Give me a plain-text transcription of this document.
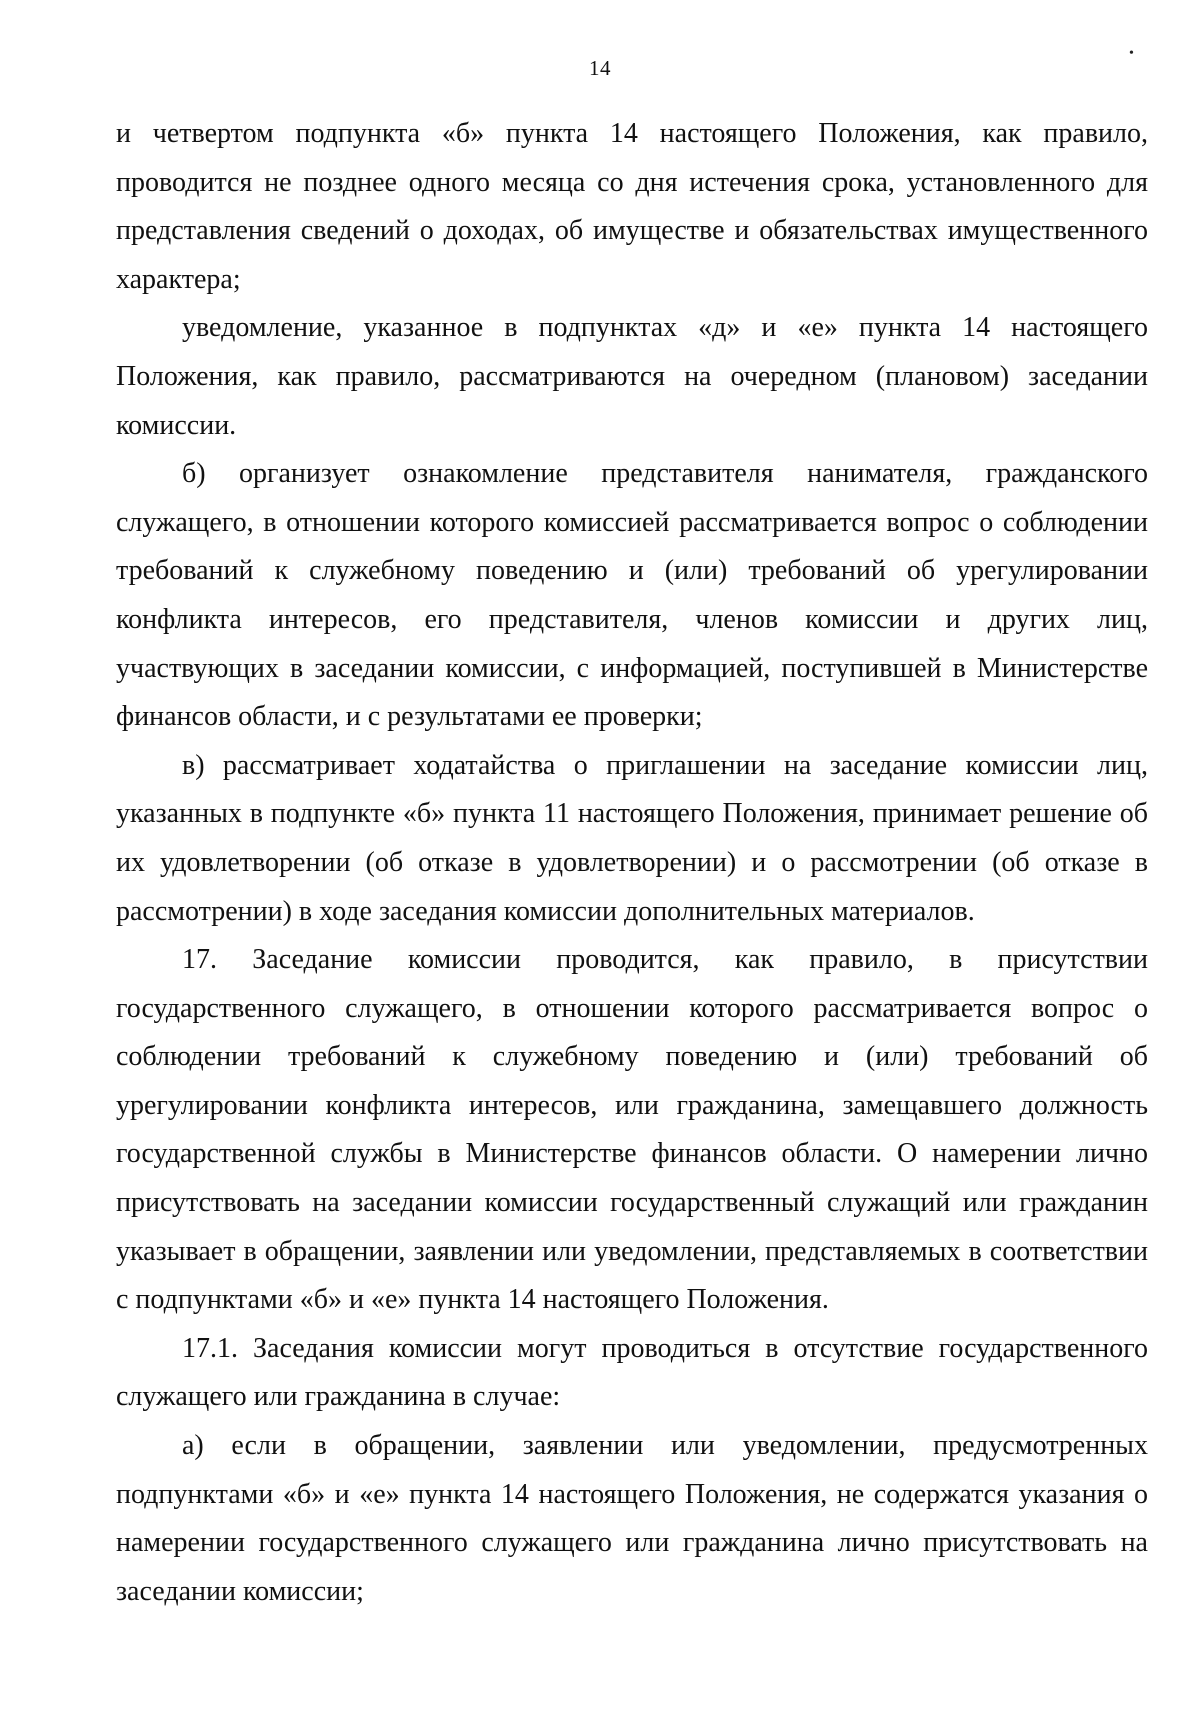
14
•

и четвертом подпункта «б» пункта 14 настоящего Положения, как правило, проводится не позднее одного месяца со дня истечения срока, установленного для представления сведений о доходах, об имуществе и обязательствах имущественного характера;

уведомление, указанное в подпунктах «д» и «е» пункта 14 настоящего Положения, как правило, рассматриваются на очередном (плановом) заседании комиссии.

б) организует ознакомление представителя нанимателя, гражданского служащего, в отношении которого комиссией рассматривается вопрос о соблюдении требований к служебному поведению и (или) требований об урегулировании конфликта интересов, его представителя, членов комиссии и других лиц, участвующих в заседании комиссии, с информацией, поступившей в Министерстве финансов области, и с результатами ее проверки;

в) рассматривает ходатайства о приглашении на заседание комиссии лиц, указанных в подпункте «б» пункта 11 настоящего Положения, принимает решение об их удовлетворении (об отказе в удовлетворении) и о рассмотрении (об отказе в рассмотрении) в ходе заседания комиссии дополнительных материалов.

17. Заседание комиссии проводится, как правило, в присутствии государственного служащего, в отношении которого рассматривается вопрос о соблюдении требований к служебному поведению и (или) требований об урегулировании конфликта интересов, или гражданина, замещавшего должность государственной службы в Министерстве финансов области. О намерении лично присутствовать на заседании комиссии государственный служащий или гражданин указывает в обращении, заявлении или уведомлении, представляемых в соответствии с подпунктами «б» и «е» пункта 14 настоящего Положения.

17.1. Заседания комиссии могут проводиться в отсутствие государственного служащего или гражданина в случае:

а) если в обращении, заявлении или уведомлении, предусмотренных подпунктами «б» и «е» пункта 14 настоящего Положения, не содержатся указания о намерении государственного служащего или гражданина лично присутствовать на заседании комиссии;
